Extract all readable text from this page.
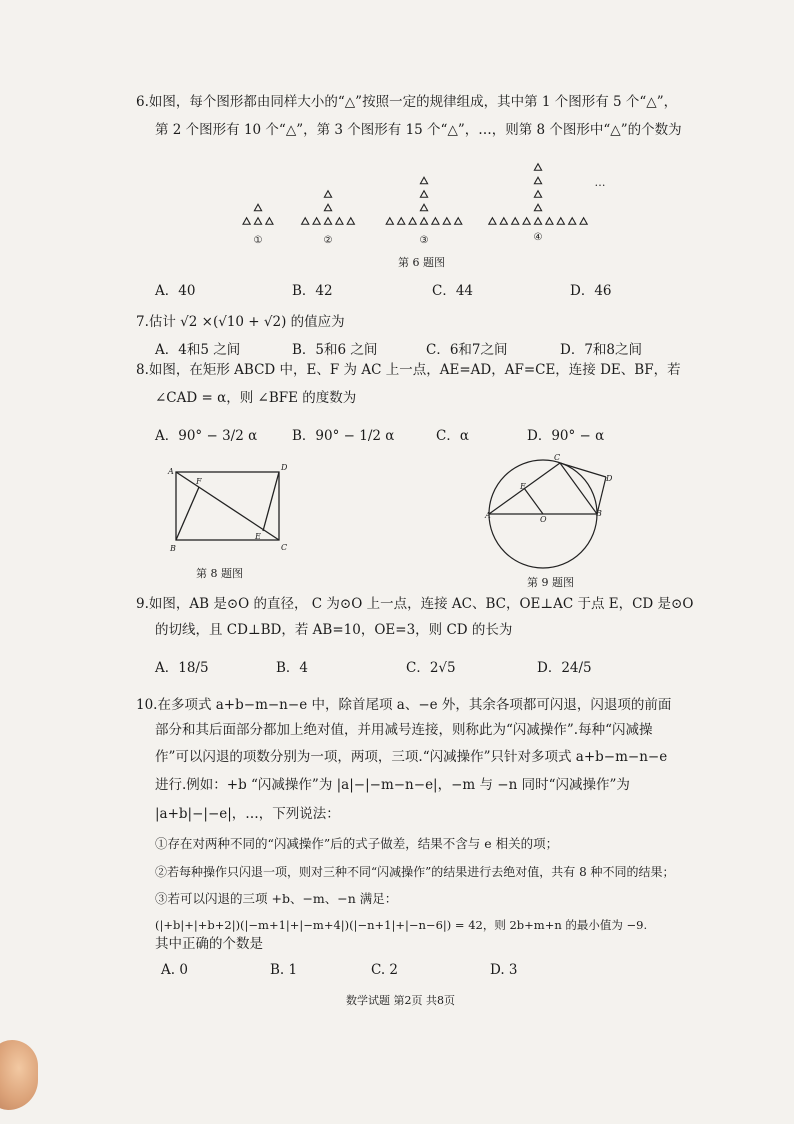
6.如图，每个图形都由同样大小的“△”按照一定的规律组成，其中第 1 个图形有 5 个“△”，
第 2 个图形有 10 个“△”，第 3 个图形有 15 个“△”，…，则第 8 个图形中“△”的个数为
①	②	③	④
…
第 6 题图
A．40	B．42	C．44	D．46
7.估计 √2 ×(√10 + √2) 的值应为
A．4和5 之间	B．5和6 之间	C．6和7之间	D．7和8之间
8.如图，在矩形 ABCD 中，E、F 为 AC 上一点，AE=AD，AF=CE，连接 DE、BF，若
∠CAD = α，则 ∠BFE 的度数为
A．90° − 3/2 α	B．90° − 1/2 α	C．α	D．90° − α
A
F
D
B
E
C
第 8 题图
C
D
E
A	O
B
第 9 题图
9.如图，AB 是⊙O 的直径， C 为⊙O 上一点，连接 AC、BC，OE⊥AC 于点 E，CD 是⊙O
的切线，且 CD⊥BD，若 AB=10，OE=3，则 CD 的长为
A．18/5	B．4	C．2√5	D．24/5
10.在多项式 a+b−m−n−e 中，除首尾项 a、−e 外，其余各项都可闪退，闪退项的前面
部分和其后面部分都加上绝对值，并用减号连接，则称此为“闪减操作”.每种“闪减操
作”可以闪退的项数分别为一项，两项，三项.“闪减操作”只针对多项式 a+b−m−n−e
进行.例如：+b “闪减操作”为 |a|−|−m−n−e|，−m 与 −n 同时“闪减操作”为
|a+b|−|−e|，…，下列说法：
①存在对两种不同的“闪减操作”后的式子做差，结果不含与 e 相关的项；
②若每种操作只闪退一项，则对三种不同“闪减操作”的结果进行去绝对值，共有 8 种不同的结果；
③若可以闪退的三项 +b、−m、−n 满足：
(|+b|+|+b+2|)(|−m+1|+|−m+4|)(|−n+1|+|−n−6|) = 42，则 2b+m+n 的最小值为 −9.
其中正确的个数是
A. 0	B. 1	C. 2	D. 3
数学试题 第2页 共8页
